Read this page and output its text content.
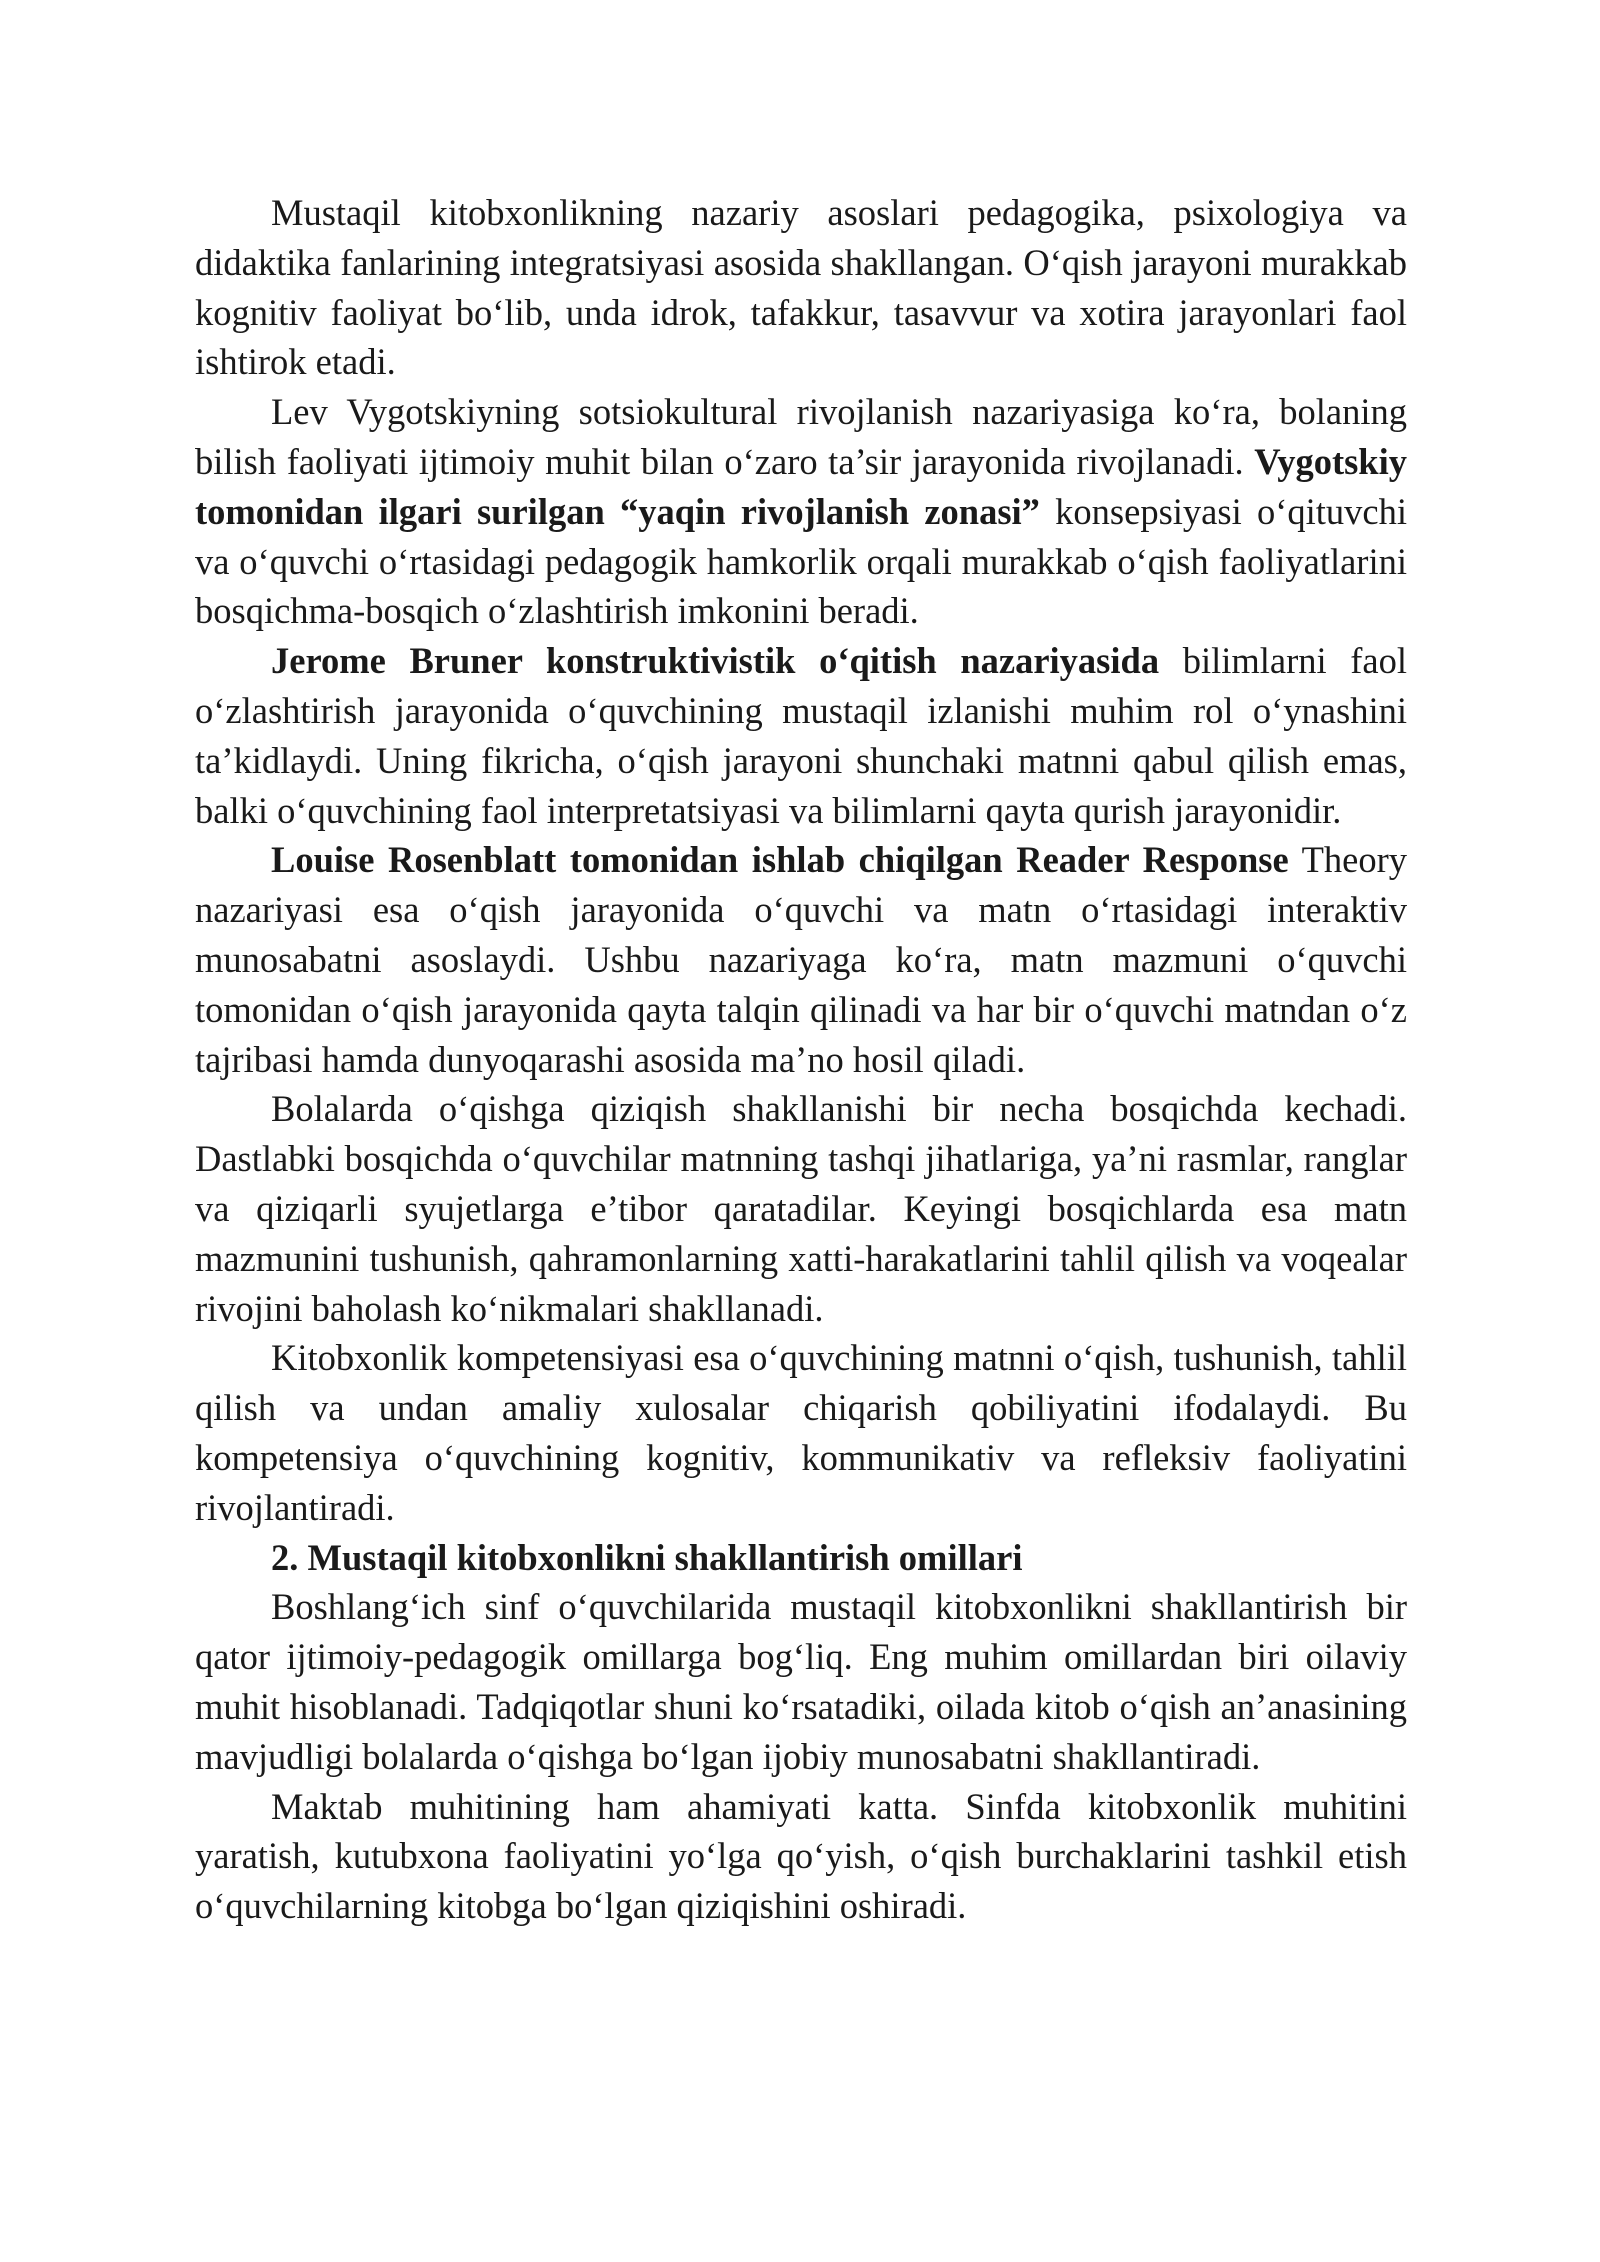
Mustaqil kitobxonlikning nazariy asoslari pedagogika, psixologiya va didaktika fanlarining integratsiyasi asosida shakllangan. O‘qish jarayoni murakkab kognitiv faoliyat bo‘lib, unda idrok, tafakkur, tasavvur va xotira jarayonlari faol ishtirok etadi.

Lev Vygotskiyning sotsiokultural rivojlanish nazariyasiga ko‘ra, bolaning bilish faoliyati ijtimoiy muhit bilan o‘zaro ta’sir jarayonida rivojlanadi. Vygotskiy tomonidan ilgari surilgan “yaqin rivojlanish zonasi” konsepsiyasi o‘qituvchi va o‘quvchi o‘rtasidagi pedagogik hamkorlik orqali murakkab o‘qish faoliyatlarini bosqichma-bosqich o‘zlashtirish imkonini beradi.

Jerome Bruner konstruktivistik o‘qitish nazariyasida bilimlarni faol o‘zlashtirish jarayonida o‘quvchining mustaqil izlanishi muhim rol o‘ynashini ta’kidlaydi. Uning fikricha, o‘qish jarayoni shunchaki matnni qabul qilish emas, balki o‘quvchining faol interpretatsiyasi va bilimlarni qayta qurish jarayonidir.

Louise Rosenblatt tomonidan ishlab chiqilgan Reader Response Theory nazariyasi esa o‘qish jarayonida o‘quvchi va matn o‘rtasidagi interaktiv munosabatni asoslaydi. Ushbu nazariyaga ko‘ra, matn mazmuni o‘quvchi tomonidan o‘qish jarayonida qayta talqin qilinadi va har bir o‘quvchi matndan o‘z tajribasi hamda dunyoqarashi asosida ma’no hosil qiladi.

Bolalarda o‘qishga qiziqish shakllanishi bir necha bosqichda kechadi. Dastlabki bosqichda o‘quvchilar matnning tashqi jihatlariga, ya’ni rasmlar, ranglar va qiziqarli syujetlarga e’tibor qaratadilar. Keyingi bosqichlarda esa matn mazmunini tushunish, qahramonlarning xatti-harakatlarini tahlil qilish va voqealar rivojini baholash ko‘nikmalari shakllanadi.

Kitobxonlik kompetensiyasi esa o‘quvchining matnni o‘qish, tushunish, tahlil qilish va undan amaliy xulosalar chiqarish qobiliyatini ifodalaydi. Bu kompetensiya o‘quvchining kognitiv, kommunikativ va refleksiv faoliyatini rivojlantiradi.

2. Mustaqil kitobxonlikni shakllantirish omillari

Boshlang‘ich sinf o‘quvchilarida mustaqil kitobxonlikni shakllantirish bir qator ijtimoiy-pedagogik omillarga bog‘liq. Eng muhim omillardan biri oilaviy muhit hisoblanadi. Tadqiqotlar shuni ko‘rsatadiki, oilada kitob o‘qish an’anasining mavjudligi bolalarda o‘qishga bo‘lgan ijobiy munosabatni shakllantiradi.

Maktab muhitining ham ahamiyati katta. Sinfda kitobxonlik muhitini yaratish, kutubxona faoliyatini yo‘lga qo‘yish, o‘qish burchaklarini tashkil etish o‘quvchilarning kitobga bo‘lgan qiziqishini oshiradi.
